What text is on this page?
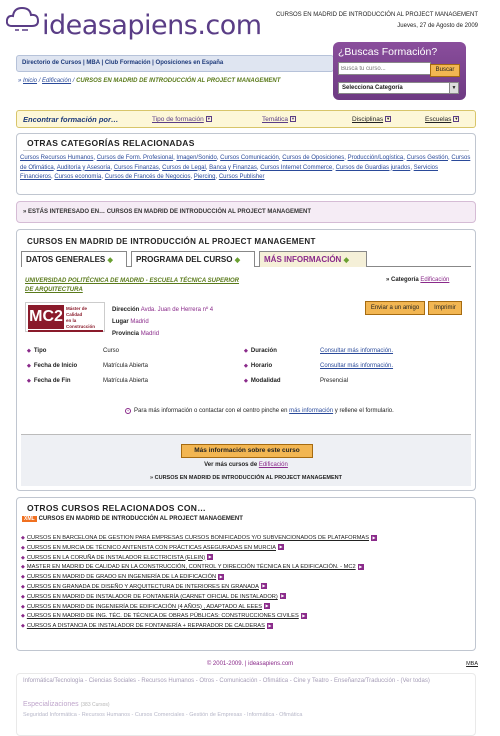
ideasapiens.com CURSOS EN MADRID DE INTRODUCCIÓN AL PROJECT MANAGEMENT
Jueves, 27 de Agosto de 2009
Directorio de Cursos | MBA | Club Formación | Oposiciones en España
¿Buscas Formación?
Busca tu curso...
Buscar
Selecciona Categoría	▼
» Inicio / Edificación / CURSOS EN MADRID DE INTRODUCCIÓN AL PROJECT MANAGEMENT
Encontrar formación por…	Tipo de formación ▼	Temática ▼	Disciplinas ▼	Escuelas ▼
OTRAS CATEGORÍAS RELACIONADAS
Cursos Recursos Humanos, Cursos de Form. Profesional, Imagen/Sonido, Cursos Comunicación, Cursos de Oposiciones, Producción/Logística, Cursos Gestión, Cursos de Ofimática, Auditoría y Asesoría, Cursos Finanzas, Cursos de Legal, Banca y Finanzas, Cursos Internet Commerce, Cursos de Guardias jurados, Servicios Financieros, Cursos economía, Cursos de Francés de Negocios, Piercing, Cursos Publisher
» ESTÁS INTERESADO EN… CURSOS EN MADRID DE INTRODUCCIÓN AL PROJECT MANAGEMENT
CURSOS EN MADRID DE INTRODUCCIÓN AL PROJECT MANAGEMENT
DATOS GENERALES ◆	PROGRAMA DEL CURSO ◆	MÁS INFORMACIÓN ◆
UNIVERSIDAD POLITÉCNICA DE MADRID - ESCUELA TÉCNICA SUPERIOR DE ARQUITECTURA
» Categoría Edificación
MC2 Máster de Calidad
en la Construcción
Dirección Avda. Juan de Herrera nº 4
Lugar Madrid
Provincia Madrid
Enviar a un amigo	Imprimir
◆ Tipo	Curso
◆ Fecha de Inicio	Matrícula Abierta
◆ Fecha de Fin	Matrícula Abierta
◆ Duración	Consultar más información.
◆ Horario	Consultar más información.
◆ Modalidad	Presencial
+ Para más información o contactar con el centro pinche en más información y rellene el formulario.
Más información sobre este curso
Ver más cursos de Edificación
» CURSOS EN MADRID DE INTRODUCCIÓN AL PROJECT MANAGEMENT
OTROS CURSOS RELACIONADOS CON…
XML CURSOS EN MADRID DE INTRODUCCIÓN AL PROJECT MANAGEMENT
◆ CURSOS EN BARCELONA DE GESTION PARA EMPRESAS CURSOS BONIFICADOS Y/O SUBVENCIONADOS DE PLATAFORMAS ▶
◆ CURSOS EN MURCIA DE TÉCNICO ANTENISTA CON PRÁCTICAS ASEGURADAS EN MURCIA ▶
◆ CURSOS EN LA CORUÑA DE INSTALADOR ELECTRICISTA (ELEIN) ▶
◆ MASTER EN MADRID DE CALIDAD EN LA CONSTRUCCIÓN, CONTROL Y DIRECCIÓN TÉCNICA EN LA EDIFICACIÓN. - MC2 ▶
◆ CURSOS EN MADRID DE GRADO EN INGENIERÍA DE LA EDIFICACIÓN ▶
◆ CURSOS EN GRANADA DE DISEÑO Y ARQUITECTURA DE INTERIORES EN GRANADA ▶
◆ CURSOS EN MADRID DE INSTALADOR DE FONTANERÍA (CARNET OFICIAL DE INSTALADOR) ▶
◆ CURSOS EN MADRID DE INGENIERÍA DE EDIFICACIÓN (4 AÑOS) , ADAPTADO AL EEES ▶
◆ CURSOS EN MADRID DE ING. TÉC. DE TÉCNICA DE OBRAS PÚBLICAS: CONSTRUCCIONES CIVILES ▶
◆ CURSOS A DISTANCIA DE INSTALADOR DE FONTANERÍA + REPARADOR DE CALDERAS ▶
© 2001-2009. | ideasapiens.com	MBA
Informática/Tecnología - Ciencias Sociales - Recursos Humanos - Otros - Comunicación - Ofimática - Cine y Teatro - Enseñanza/Traducción - (Ver todas)
Especializaciones (383 Cursos)
Seguridad Informática - Recursos Humanos - Cursos Comerciales - Gestión de Empresas - Informática - Ofimática
